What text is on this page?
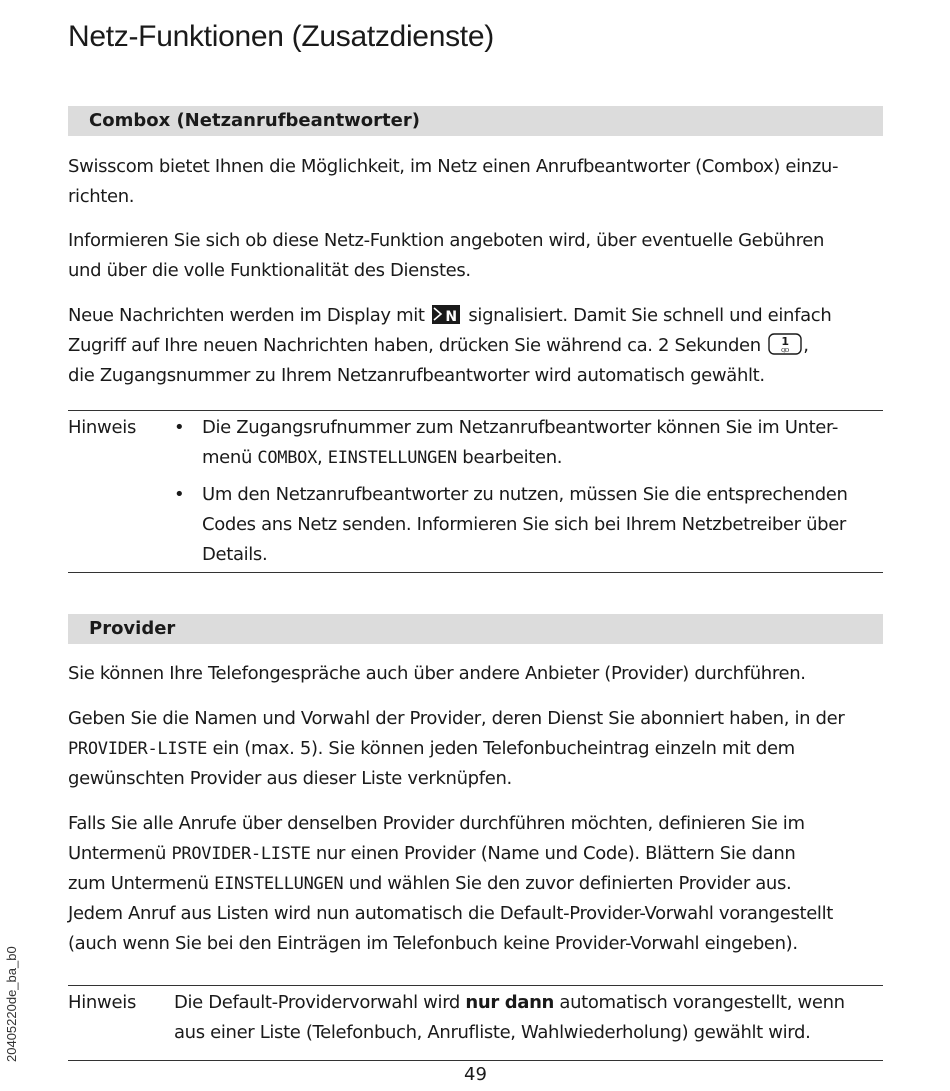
Netz-Funktionen (Zusatzdienste)
Combox (Netzanrufbeantworter)

Swisscom bietet Ihnen die Möglichkeit, im Netz einen Anrufbeantworter (Combox) einzu-
richten.

Informieren Sie sich ob diese Netz-Funktion angeboten wird, über eventuelle Gebühren
und über die volle Funktionalität des Dienstes.

Neue Nachrichten werden im Display mit N signalisiert. Damit Sie schnell und einfach
Zugriff auf Ihre neuen Nachrichten haben, drücken Sie während ca. 2 Sekunden 1
QD ,
die Zugangsnummer zu Ihrem Netzanrufbeantworter wird automatisch gewählt.

Hinweis • Die Zugangsrufnummer zum Netzanrufbeantworter können Sie im Unter-
menü COMBOX, EINSTELLUNGEN bearbeiten.

• Um den Netzanrufbeantworter zu nutzen, müssen Sie die entsprechenden
Codes ans Netz senden. Informieren Sie sich bei Ihrem Netzbetreiber über
Details.

Provider

Sie können Ihre Telefongespräche auch über andere Anbieter (Provider) durchführen.

Geben Sie die Namen und Vorwahl der Provider, deren Dienst Sie abonniert haben, in der
PROVIDER-LISTE ein (max. 5). Sie können jeden Telefonbucheintrag einzeln mit dem
gewünschten Provider aus dieser Liste verknüpfen.

Falls Sie alle Anrufe über denselben Provider durchführen möchten, definieren Sie im
Untermenü PROVIDER-LISTE nur einen Provider (Name und Code). Blättern Sie dann
zum Untermenü EINSTELLUNGEN und wählen Sie den zuvor definierten Provider aus.
Jedem Anruf aus Listen wird nun automatisch die Default-Provider-Vorwahl vorangestellt
(auch wenn Sie bei den Einträgen im Telefonbuch keine Provider-Vorwahl eingeben).

Hinweis Die Default-Providervorwahl wird nur dann automatisch vorangestellt, wenn
aus einer Liste (Telefonbuch, Anrufliste, Wahlwiederholung) gewählt wird.

49
20405220de_ba_b0
